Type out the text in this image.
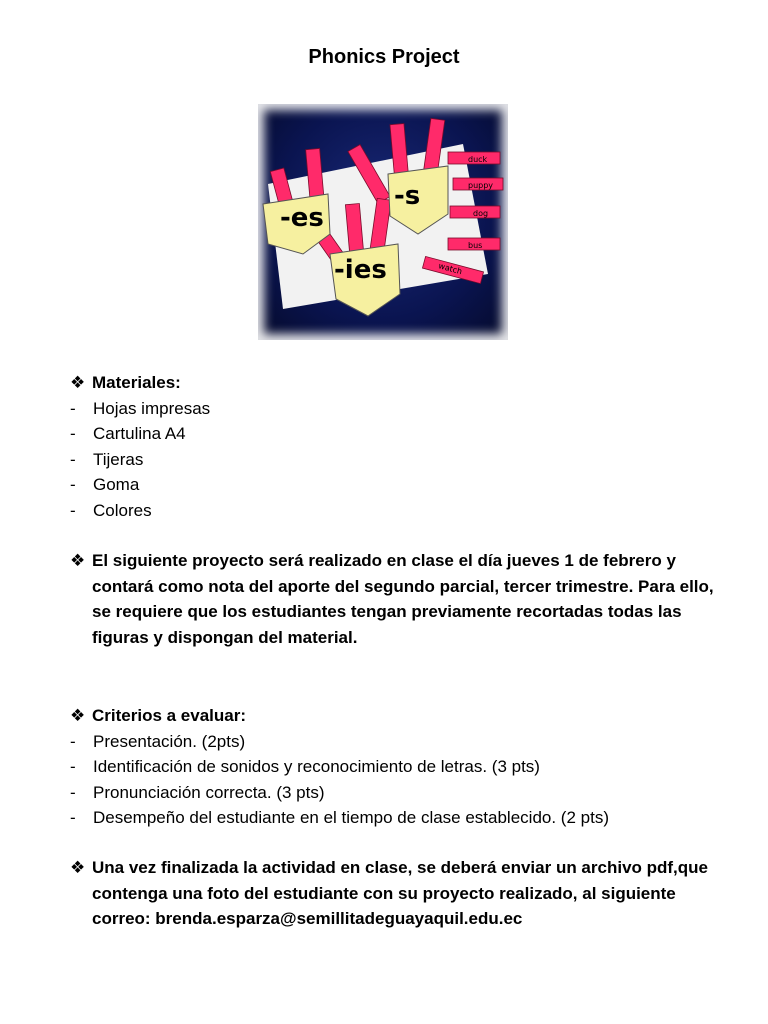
Phonics Project
-es
-s
-ies
duck
puppy
dog
bus
watch
❖ Materiales:
-	Hojas impresas
-	Cartulina A4
-	Tijeras
-	Goma
-	Colores
❖ El siguiente proyecto será realizado en clase el día jueves 1 de febrero y contará como nota del aporte del segundo parcial, tercer trimestre. Para ello, se requiere que los estudiantes tengan previamente recortadas todas las figuras y dispongan del material.
❖ Criterios a evaluar:
-	Presentación. (2pts)
-	Identificación de sonidos y reconocimiento de letras. (3 pts)
-	Pronunciación correcta. (3 pts)
-	Desempeño del estudiante en el tiempo de clase establecido. (2 pts)
❖ Una vez finalizada la actividad en clase, se deberá enviar un archivo pdf,que contenga una foto del estudiante con su proyecto realizado, al siguiente correo: brenda.esparza@semillitadeguayaquil.edu.ec
